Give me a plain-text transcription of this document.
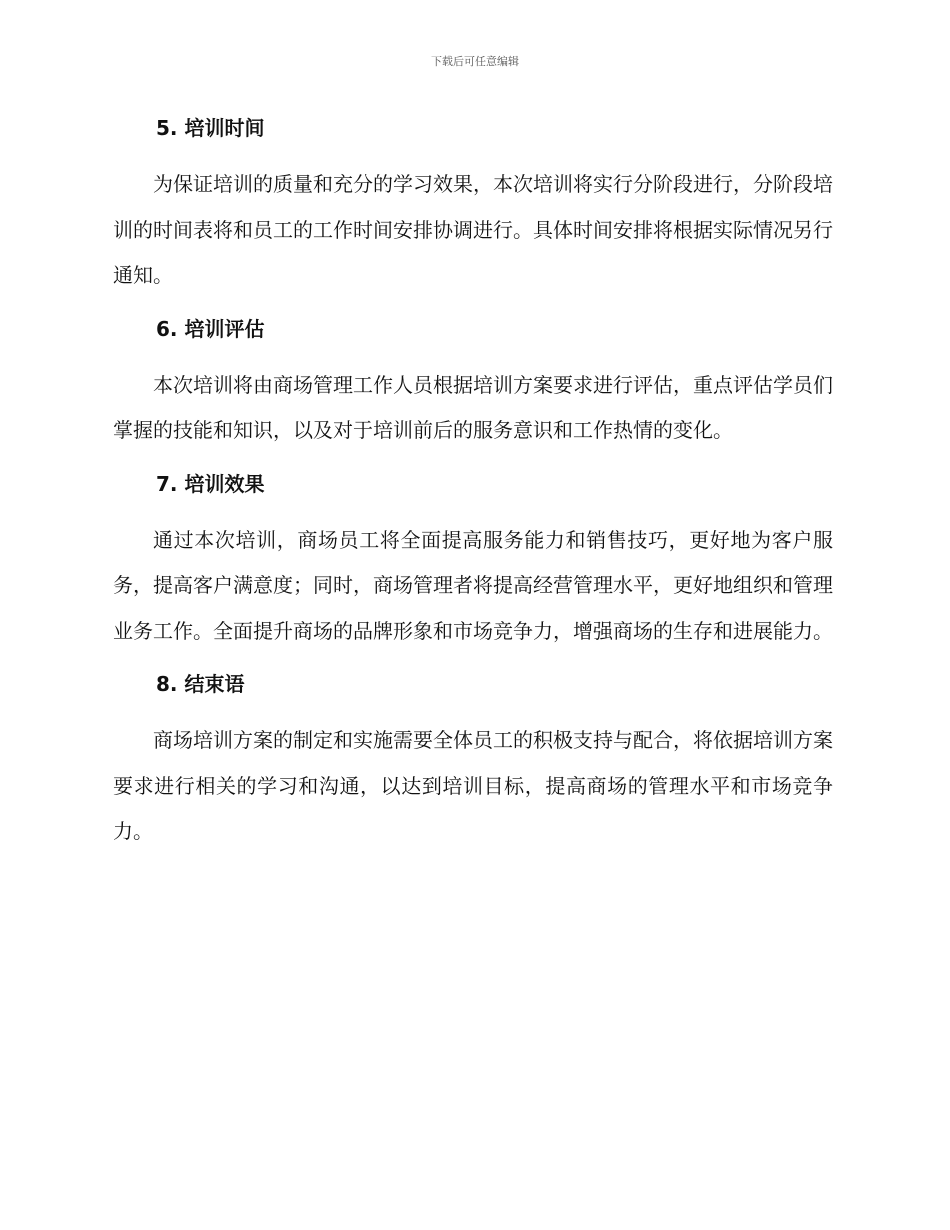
下载后可任意编辑
5. 培训时间

为保证培训的质量和充分的学习效果，本次培训将实行分阶段进行，分阶段培训的时间表将和员工的工作时间安排协调进行。具体时间安排将根据实际情况另行通知。

6. 培训评估

本次培训将由商场管理工作人员根据培训方案要求进行评估，重点评估学员们掌握的技能和知识，以及对于培训前后的服务意识和工作热情的变化。

7. 培训效果

通过本次培训，商场员工将全面提高服务能力和销售技巧，更好地为客户服务，提高客户满意度；同时，商场管理者将提高经营管理水平，更好地组织和管理业务工作。全面提升商场的品牌形象和市场竞争力，增强商场的生存和进展能力。

8. 结束语

商场培训方案的制定和实施需要全体员工的积极支持与配合，将依据培训方案要求进行相关的学习和沟通，以达到培训目标，提高商场的管理水平和市场竞争力。
